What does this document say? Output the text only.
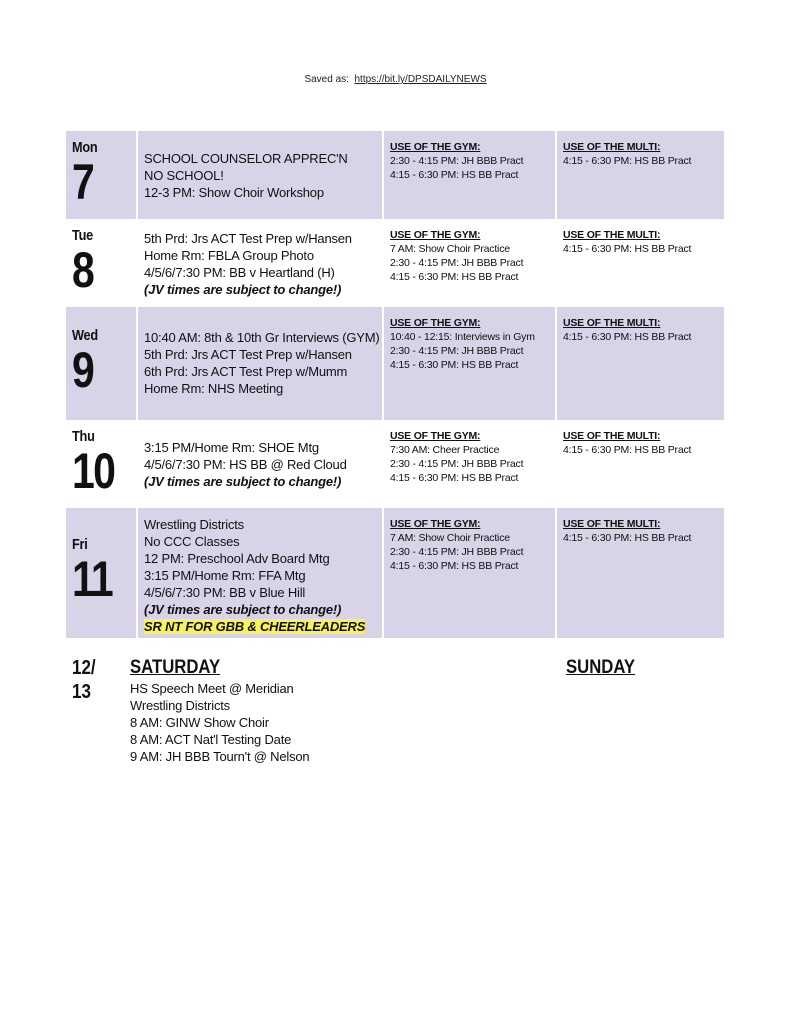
Saved as: https://bit.ly/DPSDAILYNEWS
Mon
7	SCHOOL COUNSELOR APPREC'N
NO SCHOOL!
12-3 PM: Show Choir Workshop
USE OF THE GYM:
2:30 - 4:15 PM: JH BBB Pract
4:15 - 6:30 PM: HS BB Pract
USE OF THE MULTI:
4:15 - 6:30 PM: HS BB Pract
Tue
8
5th Prd: Jrs ACT Test Prep w/Hansen
Home Rm: FBLA Group Photo
4/5/6/7:30 PM: BB v Heartland (H)
(JV times are subject to change!)
USE OF THE GYM:
7 AM: Show Choir Practice
2:30 - 4:15 PM: JH BBB Pract
4:15 - 6:30 PM: HS BB Pract
USE OF THE MULTI:
4:15 - 6:30 PM: HS BB Pract
Wed
9
10:40 AM: 8th & 10th Gr Interviews (GYM)
5th Prd: Jrs ACT Test Prep w/Hansen
6th Prd: Jrs ACT Test Prep w/Mumm
Home Rm: NHS Meeting
USE OF THE GYM:
10:40 - 12:15: Interviews in Gym
2:30 - 4:15 PM: JH BBB Pract
4:15 - 6:30 PM: HS BB Pract
USE OF THE MULTI:
4:15 - 6:30 PM: HS BB Pract
Thu
10	3:15 PM/Home Rm: SHOE Mtg
4/5/6/7:30 PM: HS BB @ Red Cloud
(JV times are subject to change!)
USE OF THE GYM:
7:30 AM: Cheer Practice
2:30 - 4:15 PM: JH BBB Pract
4:15 - 6:30 PM: HS BB Pract
USE OF THE MULTI:
4:15 - 6:30 PM: HS BB Pract
Fri
11
Wrestling Districts
No CCC Classes
12 PM: Preschool Adv Board Mtg
3:15 PM/Home Rm: FFA Mtg
4/5/6/7:30 PM: BB v Blue Hill
(JV times are subject to change!)
SR NT FOR GBB & CHEERLEADERS
USE OF THE GYM:
7 AM: Show Choir Practice
2:30 - 4:15 PM: JH BBB Pract
4:15 - 6:30 PM: HS BB Pract
USE OF THE MULTI:
4:15 - 6:30 PM: HS BB Pract
12/
13
SATURDAY
HS Speech Meet @ Meridian
Wrestling Districts
8 AM: GINW Show Choir
8 AM: ACT Nat'l Testing Date
9 AM: JH BBB Tourn't @ Nelson
SUNDAY
